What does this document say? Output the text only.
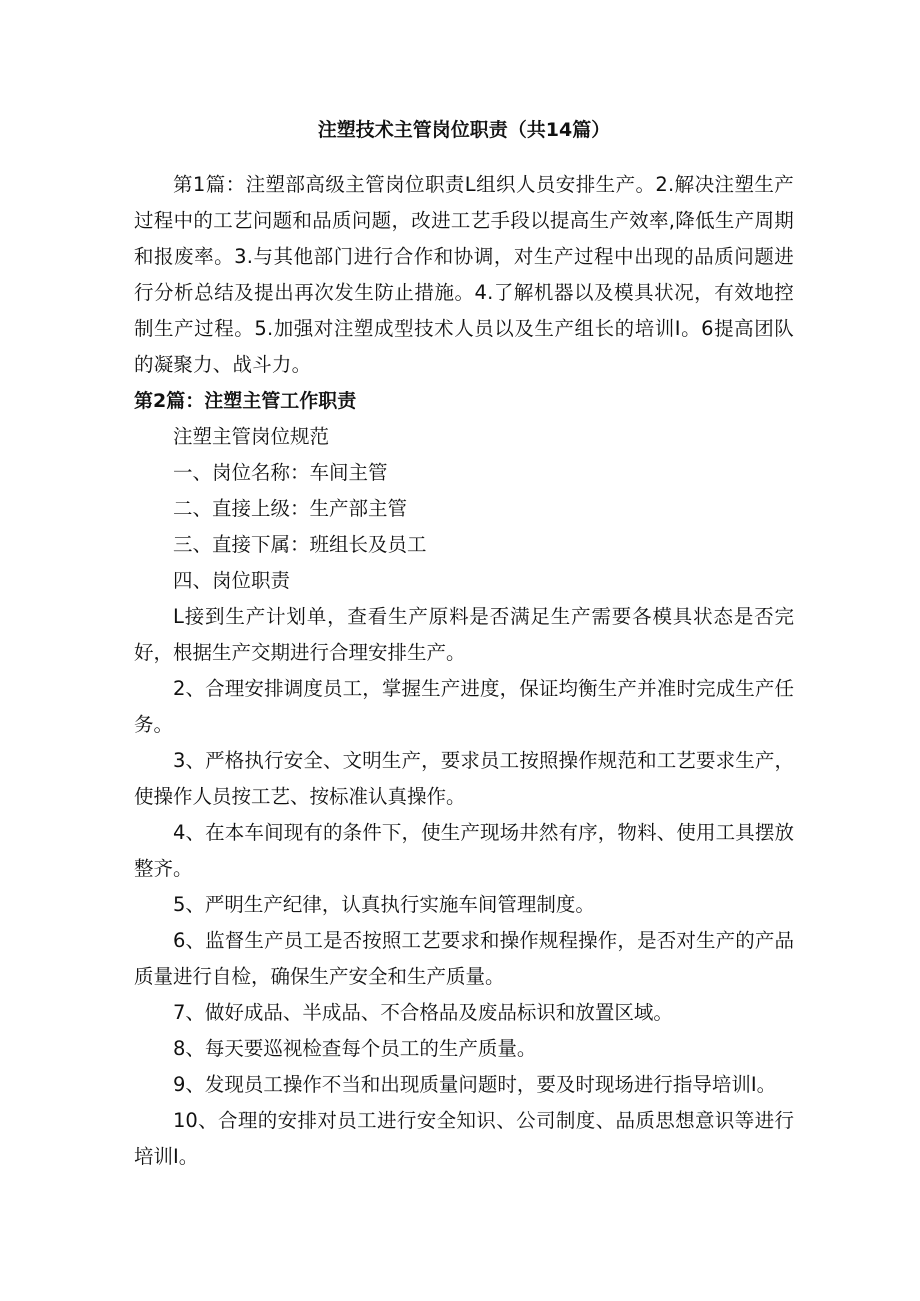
注塑技术主管岗位职责（共14篇）

第1篇：注塑部高级主管岗位职责L组织人员安排生产。2.解决注塑生产过程中的工艺问题和品质问题，改进工艺手段以提高生产效率,降低生产周期和报废率。3.与其他部门进行合作和协调，对生产过程中出现的品质问题进行分析总结及提出再次发生防止措施。4.了解机器以及模具状况，有效地控制生产过程。5.加强对注塑成型技术人员以及生产组长的培训I。6提高团队的凝聚力、战斗力。

第2篇：注塑主管工作职责

注塑主管岗位规范

一、岗位名称：车间主管

二、直接上级：生产部主管

三、直接下属：班组长及员工

四、岗位职责

L接到生产计划单，查看生产原料是否满足生产需要各模具状态是否完好，根据生产交期进行合理安排生产。

2、合理安排调度员工，掌握生产进度，保证均衡生产并准时完成生产任务。

3、严格执行安全、文明生产，要求员工按照操作规范和工艺要求生产，使操作人员按工艺、按标准认真操作。

4、在本车间现有的条件下，使生产现场井然有序，物料、使用工具摆放整齐。

5、严明生产纪律，认真执行实施车间管理制度。

6、监督生产员工是否按照工艺要求和操作规程操作，是否对生产的产品质量进行自检，确保生产安全和生产质量。

7、做好成品、半成品、不合格品及废品标识和放置区域。

8、每天要巡视检查每个员工的生产质量。

9、发现员工操作不当和出现质量问题时，要及时现场进行指导培训I。

10、合理的安排对员工进行安全知识、公司制度、品质思想意识等进行培训I。
